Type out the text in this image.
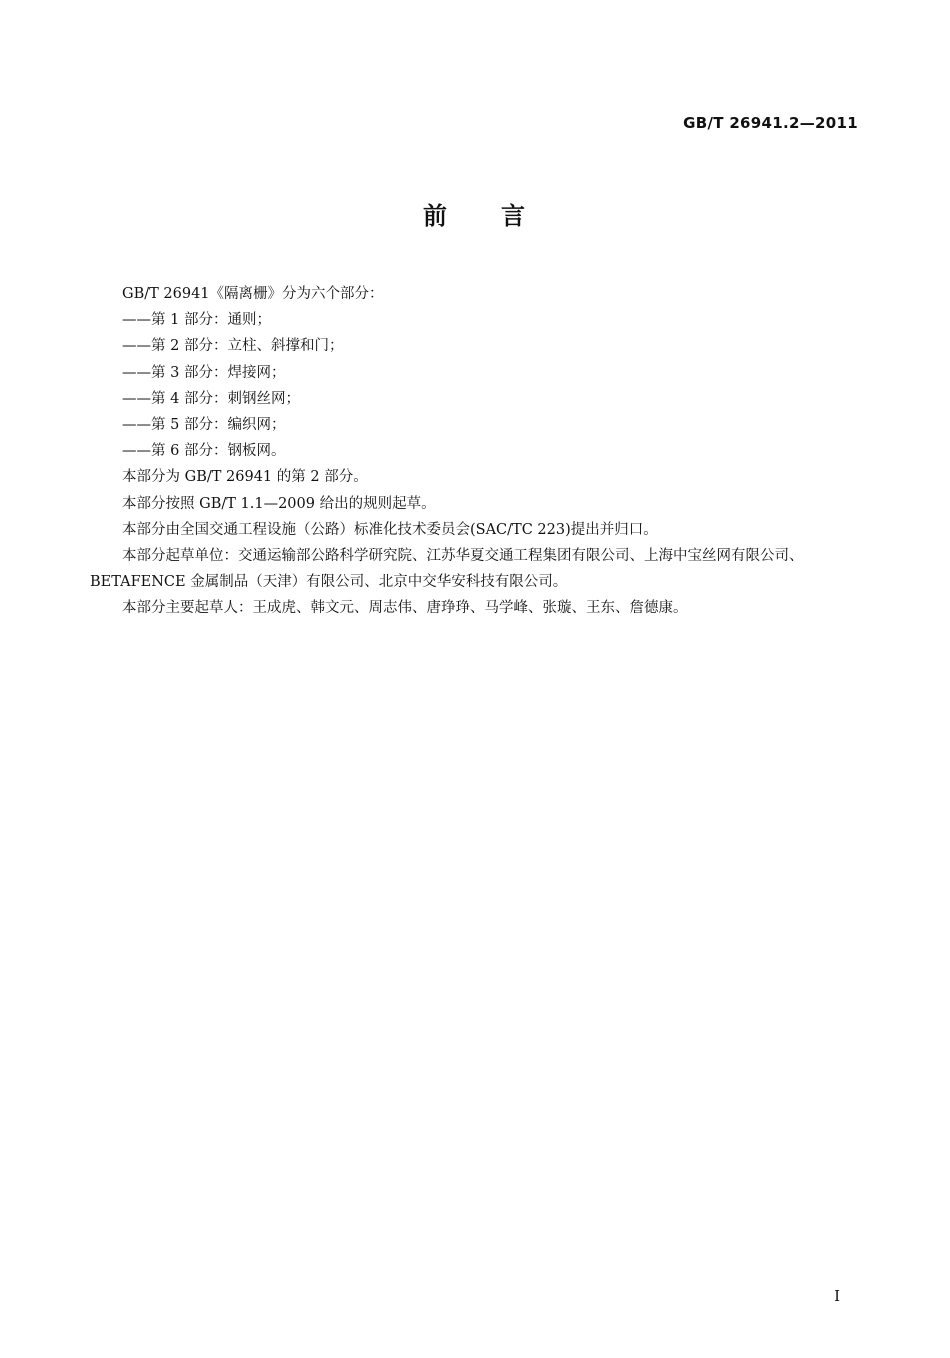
GB/T 26941.2—2011
前 言

GB/T 26941《隔离栅》分为六个部分：

——第 1 部分：通则；

——第 2 部分：立柱、斜撑和门；

——第 3 部分：焊接网；

——第 4 部分：刺钢丝网；

——第 5 部分：编织网；

——第 6 部分：钢板网。

本部分为 GB/T 26941 的第 2 部分。

本部分按照 GB/T 1.1—2009 给出的规则起草。

本部分由全国交通工程设施（公路）标准化技术委员会(SAC/TC 223)提出并归口。

本部分起草单位：交通运输部公路科学研究院、江苏华夏交通工程集团有限公司、上海中宝丝网有限公司、BETAFENCE 金属制品（天津）有限公司、北京中交华安科技有限公司。

本部分主要起草人：王成虎、韩文元、周志伟、唐琤琤、马学峰、张璇、王东、詹德康。

I
